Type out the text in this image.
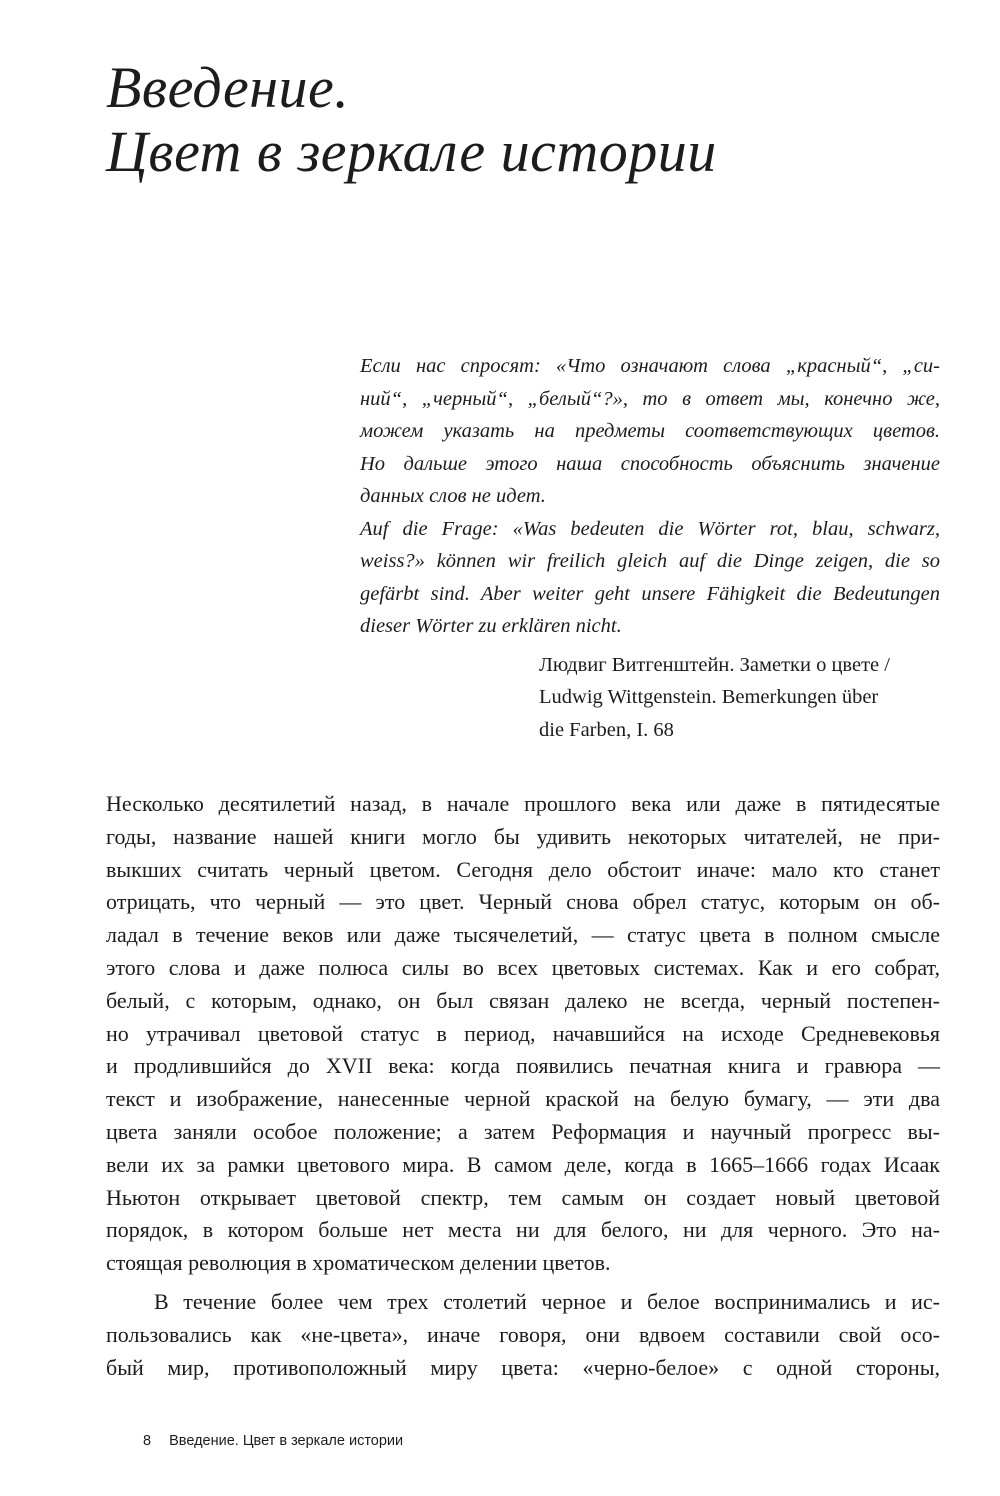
Введение.
Цвет в зеркале истории
Если нас спросят: «Что означают слова „красный“, „си-
ний“, „черный“, „белый“?», то в ответ мы, конечно же,
можем указать на предметы соответствующих цветов.
Но дальше этого наша способность объяснить значение
данных слов не идет.
Auf die Frage: «Was bedeuten die Wörter rot, blau, schwarz,
weiss?» können wir freilich gleich auf die Dinge zeigen, die so
gefärbt sind. Aber weiter geht unsere Fähigkeit die Bedeutungen
dieser Wörter zu erklären nicht.
Людвиг Витгенштейн. Заметки о цвете /
Ludwig Wittgenstein. Bemerkungen über
die Farben, I. 68
Несколько десятилетий назад, в начале прошлого века или даже в пятидесятые
годы, название нашей книги могло бы удивить некоторых читателей, не при-
выкших считать черный цветом. Сегодня дело обстоит иначе: мало кто станет
отрицать, что черный — это цвет. Черный снова обрел статус, которым он об-
ладал в течение веков или даже тысячелетий, — статус цвета в полном смысле
этого слова и даже полюса силы во всех цветовых системах. Как и его собрат,
белый, с которым, однако, он был связан далеко не всегда, черный постепен-
но утрачивал цветовой статус в период, начавшийся на исходе Средневековья
и продлившийся до XVII века: когда появились печатная книга и гравюра —
текст и изображение, нанесенные черной краской на белую бумагу, — эти два
цвета заняли особое положение; а затем Реформация и научный прогресс вы-
вели их за рамки цветового мира. В самом деле, когда в 1665–1666 годах Исаак
Ньютон открывает цветовой спектр, тем самым он создает новый цветовой
порядок, в котором больше нет места ни для белого, ни для черного. Это на-
стоящая революция в хроматическом делении цветов.
В течение более чем трех столетий черное и белое воспринимались и ис-
пользовались как «не-цвета», иначе говоря, они вдвоем составили свой осо-
бый мир, противоположный миру цвета: «черно-белое» с одной стороны,
8 Введение. Цвет в зеркале истории
